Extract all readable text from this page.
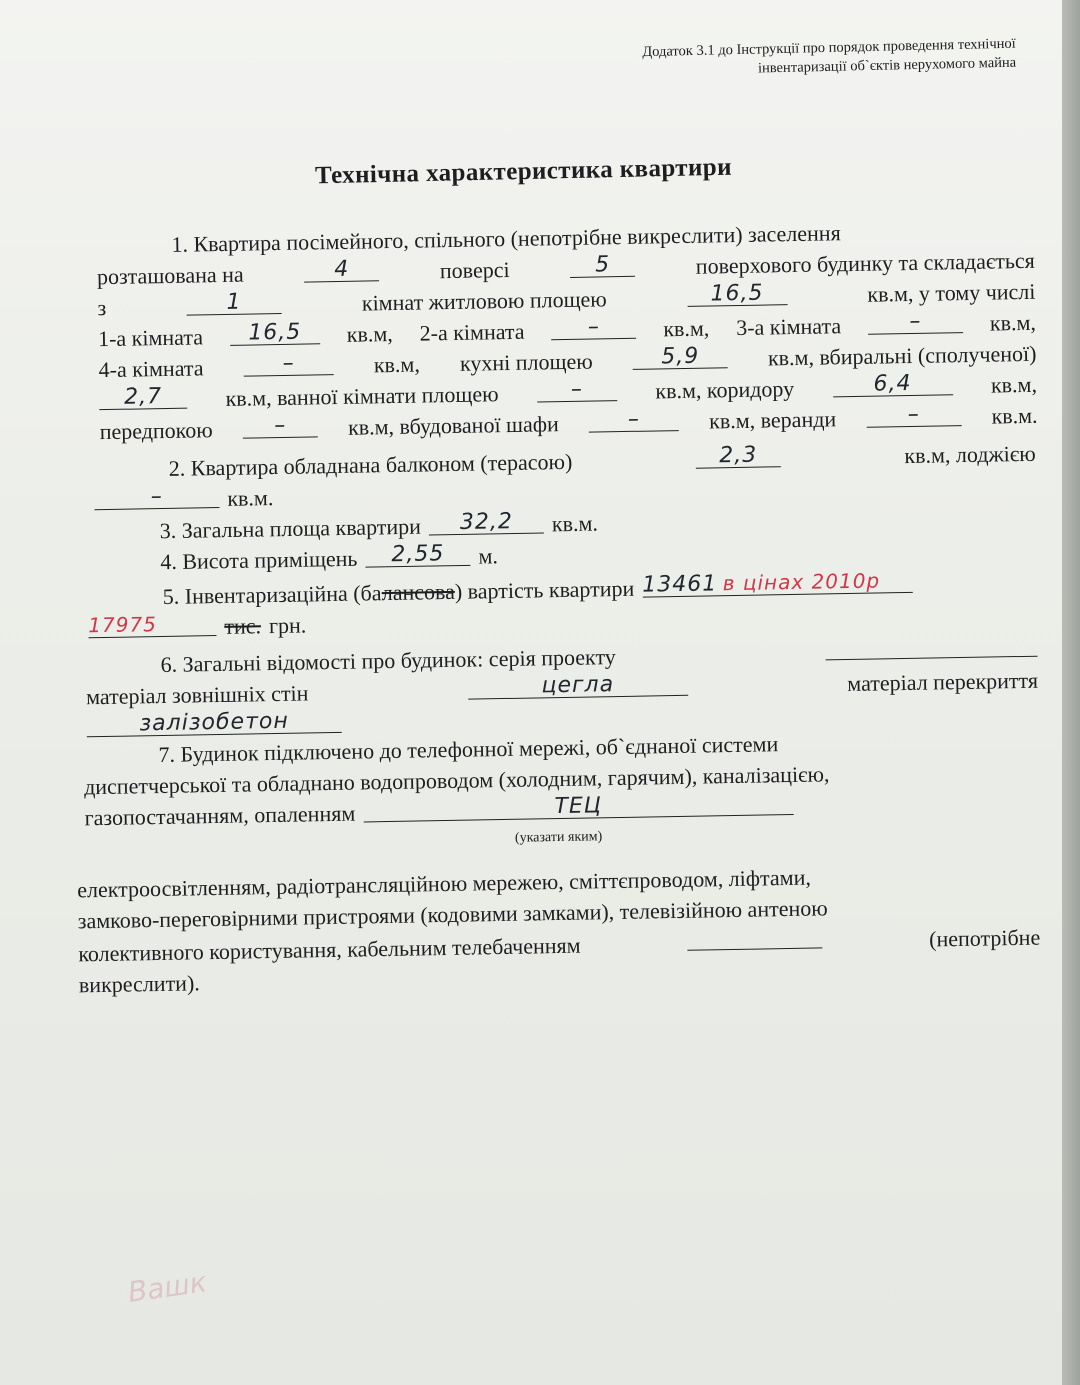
Додаток 3.1 до Інструкції про порядок проведення технічної
інвентаризації об`єктів нерухомого майна
Технічна характеристика квартири
1. Квартира посімейного, спільного (непотрібне викреслити) заселення
розташована на	4	поверсі	5	поверхового будинку та складається
з	1	кімнат житловою площею	16,5	кв.м, у тому числі
1-а кімната	16,5	кв.м, 2-а кімната	–	кв.м, 3-а кімната	–	кв.м,
4-а кімната	–	кв.м, кухні площею	5,9	кв.м, вбиральні (сполученої)
2,7	кв.м, ванної кімнати площею	–	кв.м, коридору	6,4	кв.м,
передпокою	–	кв.м, вбудованої шафи	–	кв.м, веранди	–	кв.м.
2. Квартира обладнана балконом (терасою)	2,3	кв.м, лоджією
–	кв.м.
3. Загальна площа квартири	32,2	кв.м.
4. Висота приміщень	2,55	м.
5. Інвентаризаційна (балансова) вартість квартири 13461 в цінах 2010р
17975	тис. грн.
6. Загальні відомості про будинок: серія проекту
матеріал зовнішніх стін	цегла	матеріал перекриття
залізобетон
7. Будинок підключено до телефонної мережі, об`єднаної системи
диспетчерської та обладнано водопроводом (холодним, гарячим), каналізацією,
газопостачанням, опаленням	ТЕЦ
(указати яким)
електроосвітленням, радіотрансляційною мережею, сміттєпроводом, ліфтами,
замково-переговірними пристроями (кодовими замками), телевізійною антеною
колективного користування, кабельним телебаченням	(непотрібне
викреслити).
Вашк
